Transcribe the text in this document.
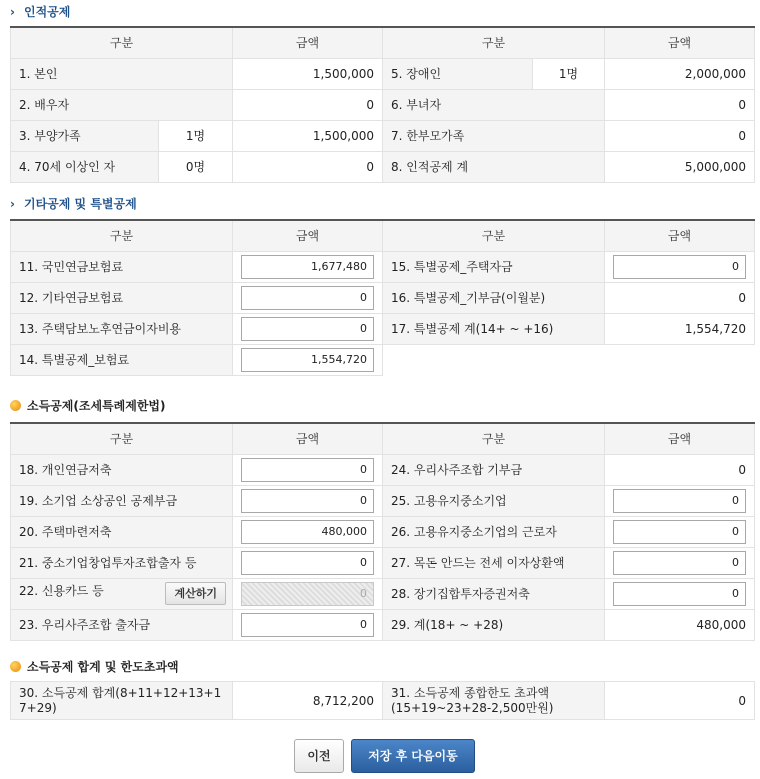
› 인적공제
구분		금액	구분		금액
1. 본인		1,500,000	5. 장애인	1명	2,000,000
2. 배우자		0	6. 부녀자		0
3. 부양가족	1명	1,500,000	7. 한부모가족		0
4. 70세 이상인 자	0명	0	8. 인적공제 계		5,000,000
› 기타공제 및 특별공제
구분	금액	구분	금액
11. 국민연금보험료	1,677,480	15. 특별공제_주택자금	0

12. 기타연금보험료	0	16. 특별공제_기부금(이월분)	0
13. 주택담보노후연금이자비용	0	17. 특별공제 계(14+ ~ +16)	1,554,720
14. 특별공제_보험료	1,554,720		

소득공제(조세특례제한법)
구분	금액	구분	금액
18. 개인연금저축	0	24. 우리사주조합 기부금	0
19. 소기업 소상공인 공제부금	0	25. 고용유지중소기업	0

20. 주택마련저축	480,000	26. 고용유지중소기업의 근로자	0

21. 중소기업창업투자조합출자 등	0	27. 목돈 안드는 전세 이자상환액	0

22. 신용카드 등 계산하기	0	28. 장기집합투자증권저축	0

23. 우리사주조합 출자금	0	29. 계(18+ ~ +28)	480,000
소득공제 합계 및 한도초과액
30. 소득공제 합계(8+11+12+13+1
7+29)	8,712,200	
31. 소득공제 종합한도 초과액
(15+19~23+28-2,500만원)	0
이전	저장 후 다음이동
